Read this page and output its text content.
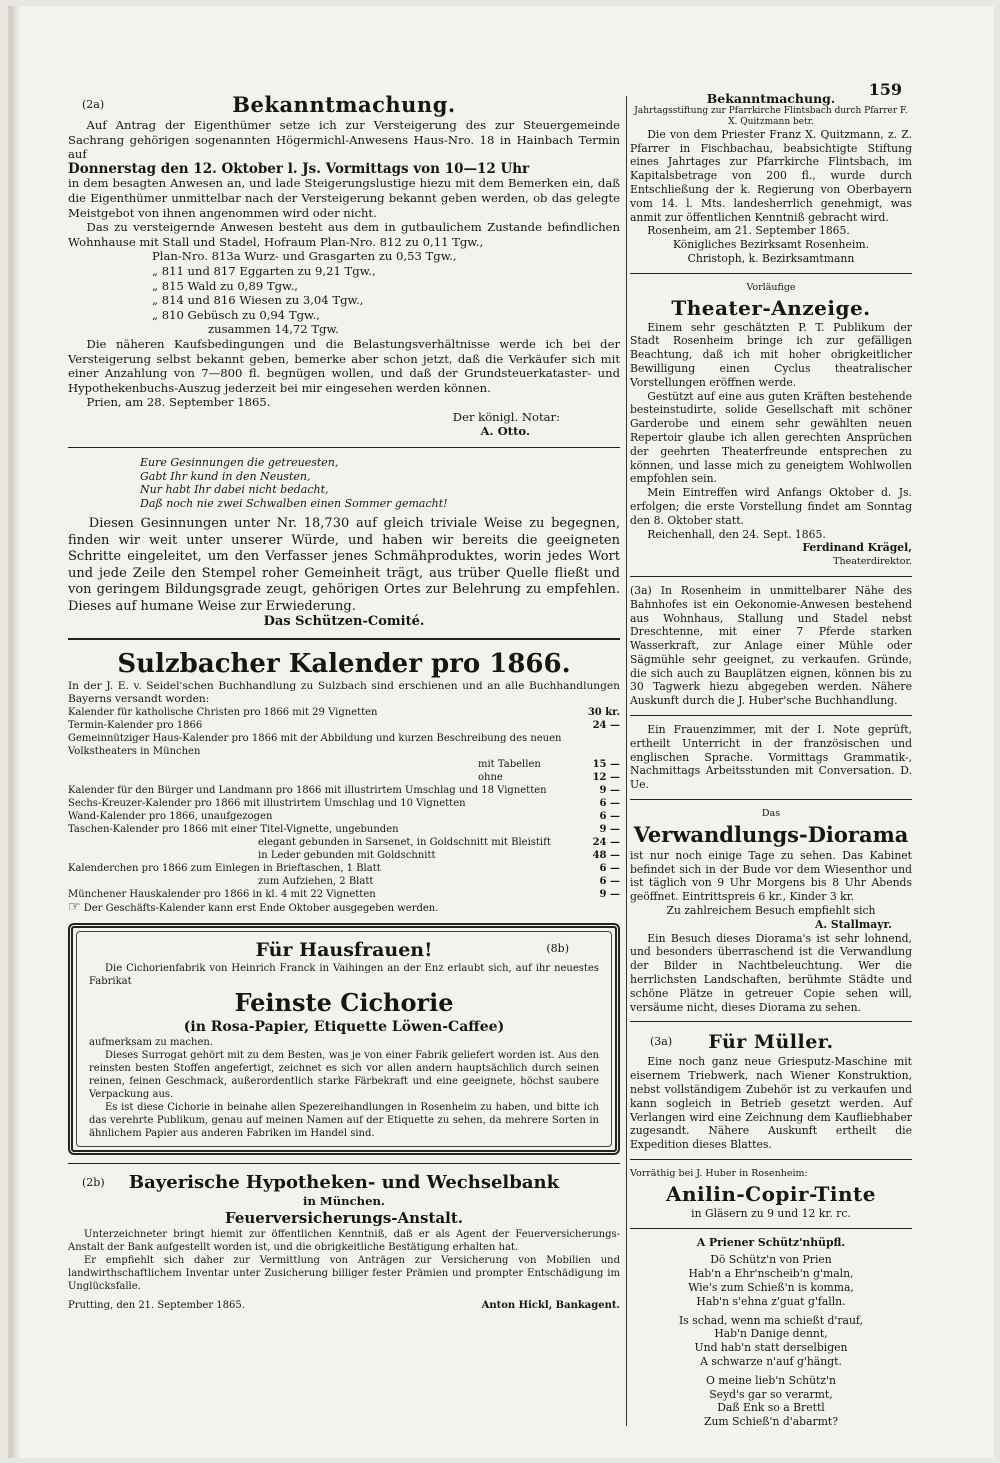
159
(2a)	Bekanntmachung.

Auf Antrag der Eigenthümer setze ich zur Versteigerung des zur Steuergemeinde Sachrang gehörigen sogenannten Högermichl-Anwesens Haus-Nro. 18 in Hainbach Termin auf

Donnerstag den 12. Oktober l. Js. Vormittags von 10—12 Uhr

in dem besagten Anwesen an, und lade Steigerungslustige hiezu mit dem Bemerken ein, daß die Eigenthümer unmittelbar nach der Versteigerung bekannt geben werden, ob das gelegte Meistgebot von ihnen angenommen wird oder nicht.

Das zu versteigernde Anwesen besteht aus dem in gutbaulichem Zustande befindlichen Wohnhause mit Stall und Stadel, Hofraum Plan-Nro. 812 zu 0,11 Tgw.,

Plan-Nro. 813a Wurz- und Grasgarten zu 0,53 Tgw.,

„ 811 und 817 Eggarten zu 9,21 Tgw.,

„ 815 Wald zu 0,89 Tgw.,

„ 814 und 816 Wiesen zu 3,04 Tgw.,

„ 810 Gebüsch zu 0,94 Tgw.,

zusammen 14,72 Tgw.

Die näheren Kaufsbedingungen und die Belastungsverhältnisse werde ich bei der Versteigerung selbst bekannt geben, bemerke aber schon jetzt, daß die Verkäufer sich mit einer Anzahlung von 7—800 fl. begnügen wollen, und daß der Grundsteuerkataster- und Hypothekenbuchs-Auszug jederzeit bei mir eingesehen werden können.

Prien, am 28. September 1865.

Der königl. Notar:

A. Otto.

Eure Gesinnungen die getreuesten,
Gabt Ihr kund in den Neusten,
Nur habt Ihr dabei nicht bedacht,
Daß noch nie zwei Schwalben einen Sommer gemacht!

Diesen Gesinnungen unter Nr. 18,730 auf gleich triviale Weise zu begegnen, finden wir weit unter unserer Würde, und haben wir bereits die geeigneten Schritte eingeleitet, um den Verfasser jenes Schmähproduktes, worin jedes Wort und jede Zeile den Stempel roher Gemeinheit trägt, aus trüber Quelle fließt und von geringem Bildungsgrade zeugt, gehörigen Ortes zur Belehrung zu empfehlen. Dieses auf humane Weise zur Erwiederung.

Das Schützen-Comité.

Sulzbacher Kalender pro 1866.

In der J. E. v. Seidel'schen Buchhandlung zu Sulzbach sind erschienen und an alle Buchhandlungen Bayerns versandt worden:

Kalender für katholische Christen pro 1866 mit 29 Vignetten	30 kr.
Termin-Kalender pro 1866	24 —
Gemeinnütziger Haus-Kalender pro 1866 mit der Abbildung und kurzen Beschreibung des neuen Volkstheaters in München
mit Tabellen	15 —
ohne	12 —
Kalender für den Bürger und Landmann pro 1866 mit illustrirtem Umschlag und 18 Vignetten	9 —
Sechs-Kreuzer-Kalender pro 1866 mit illustrirtem Umschlag und 10 Vignetten	6 —
Wand-Kalender pro 1866, unaufgezogen	6 —
Taschen-Kalender pro 1866 mit einer Titel-Vignette, ungebunden	9 —
elegant gebunden in Sarsenet, in Goldschnitt mit Bleistift	24 —
in Leder gebunden mit Goldschnitt	48 —
Kalenderchen pro 1866 zum Einlegen in Brieftaschen, 1 Blatt	6 —
zum Aufziehen, 2 Blatt	6 —
Münchener Hauskalender pro 1866 in kl. 4 mit 22 Vignetten	9 —

☞ Der Geschäfts-Kalender kann erst Ende Oktober ausgegeben werden.

Für Hausfrauen!	(8b)

Die Cichorienfabrik von Heinrich Franck in Vaihingen an der Enz erlaubt sich, auf ihr neuestes Fabrikat

Feinste Cichorie
(in Rosa-Papier, Etiquette Löwen-Caffee)

aufmerksam zu machen.

Dieses Surrogat gehört mit zu dem Besten, was je von einer Fabrik geliefert worden ist. Aus den reinsten besten Stoffen angefertigt, zeichnet es sich vor allen andern hauptsächlich durch seinen reinen, feinen Geschmack, außerordentlich starke Färbekraft und eine geeignete, höchst saubere Verpackung aus.

Es ist diese Cichorie in beinahe allen Spezereihandlungen in Rosenheim zu haben, und bitte ich das verehrte Publikum, genau auf meinen Namen auf der Etiquette zu sehen, da mehrere Sorten in ähnlichem Papier aus anderen Fabriken im Handel sind.

(2b)	Bayerische Hypotheken- und Wechselbank
in München.
Feuerversicherungs-Anstalt.

Unterzeichneter bringt hiemit zur öffentlichen Kenntniß, daß er als Agent der Feuerversicherungs-Anstalt der Bank aufgestellt worden ist, und die obrigkeitliche Bestätigung erhalten hat.

Er empfiehlt sich daher zur Vermittlung von Anträgen zur Versicherung von Mobilien und landwirthschaftlichem Inventar unter Zusicherung billiger fester Prämien und prompter Entschädigung im Unglücksfalle.

Prutting, den 21. September 1865.	Anton Hickl, Bankagent.
Bekanntmachung.
Jahrtagsstiftung zur Pfarrkirche Flintsbach durch Pfarrer F. X. Quitzmann betr.

Die von dem Priester Franz X. Quitzmann, z. Z. Pfarrer in Fischbachau, beabsichtigte Stiftung eines Jahrtages zur Pfarrkirche Flintsbach, im Kapitalsbetrage von 200 fl., wurde durch Entschließung der k. Regierung von Oberbayern vom 14. l. Mts. landesherrlich genehmigt, was anmit zur öffentlichen Kenntniß gebracht wird.

Rosenheim, am 21. September 1865.

Königliches Bezirksamt Rosenheim.

Christoph, k. Bezirksamtmann

Vorläufige
Theater-Anzeige.

Einem sehr geschätzten P. T. Publikum der Stadt Rosenheim bringe ich zur gefälligen Beachtung, daß ich mit hoher obrigkeitlicher Bewilligung einen Cyclus theatralischer Vorstellungen eröffnen werde.

Gestützt auf eine aus guten Kräften bestehende besteinstudirte, solide Gesellschaft mit schöner Garderobe und einem sehr gewählten neuen Repertoir glaube ich allen gerechten Ansprüchen der geehrten Theaterfreunde entsprechen zu können, und lasse mich zu geneigtem Wohlwollen empfohlen sein.

Mein Eintreffen wird Anfangs Oktober d. Js. erfolgen; die erste Vorstellung findet am Sonntag den 8. Oktober statt.

Reichenhall, den 24. Sept. 1865.

Ferdinand Krägel,

Theaterdirektor.

(3a) In Rosenheim in unmittelbarer Nähe des Bahnhofes ist ein Oekonomie-Anwesen bestehend aus Wohnhaus, Stallung und Stadel nebst Dreschtenne, mit einer 7 Pferde starken Wasserkraft, zur Anlage einer Mühle oder Sägmühle sehr geeignet, zu verkaufen. Gründe, die sich auch zu Bauplätzen eignen, können bis zu 30 Tagwerk hiezu abgegeben werden. Nähere Auskunft durch die J. Huber'sche Buchhandlung.

Ein Frauenzimmer, mit der I. Note geprüft, ertheilt Unterricht in der französischen und englischen Sprache. Vormittags Grammatik-, Nachmittags Arbeitsstunden mit Conversation. D. Ue.

Das
Verwandlungs-Diorama

ist nur noch einige Tage zu sehen. Das Kabinet befindet sich in der Bude vor dem Wiesenthor und ist täglich von 9 Uhr Morgens bis 8 Uhr Abends geöffnet. Eintrittspreis 6 kr., Kinder 3 kr.

Zu zahlreichem Besuch empfiehlt sich

A. Stallmayr.

Ein Besuch dieses Diorama's ist sehr lohnend, und besonders überraschend ist die Verwandlung der Bilder in Nachtbeleuchtung. Wer die herrlichsten Landschaften, berühmte Städte und schöne Plätze in getreuer Copie sehen will, versäume nicht, dieses Diorama zu sehen.

(3a)	Für Müller.

Eine noch ganz neue Griesputz-Maschine mit eisernem Triebwerk, nach Wiener Konstruktion, nebst vollständigem Zubehör ist zu verkaufen und kann sogleich in Betrieb gesetzt werden. Auf Verlangen wird eine Zeichnung dem Kaufliebhaber zugesandt. Nähere Auskunft ertheilt die Expedition dieses Blattes.

Vorräthig bei J. Huber in Rosenheim:
Anilin-Copir-Tinte
in Gläsern zu 9 und 12 kr. rc.
A Priener Schütz'nhüpfl.
Dö Schütz'n von Prien
Hab'n a Ehr'nscheib'n g'maln,
Wie's zum Schieß'n is komma,
Hab'n s'ehna z'guat g'falln.
Is schad, wenn ma schießt d'rauf,
Hab'n Danige dennt,
Und hab'n statt derselbigen
A schwarze n'auf g'hängt.
O meine lieb'n Schütz'n
Seyd's gar so verarmt,
Daß Enk so a Brettl
Zum Schieß'n d'abarmt?
